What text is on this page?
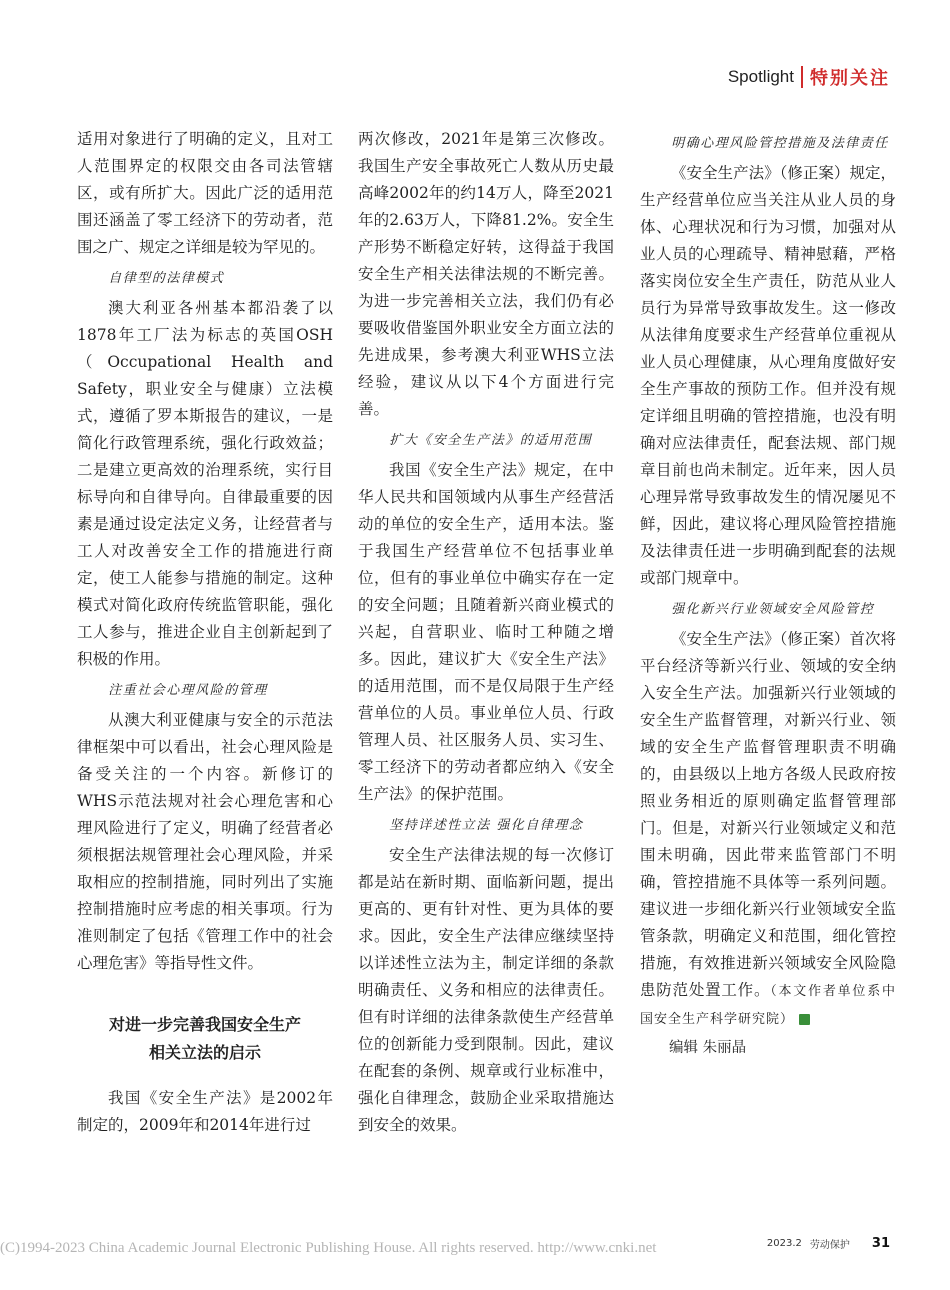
Spotlight 特别关注

适用对象进行了明确的定义，且对工人范围界定的权限交由各司法管辖区，或有所扩大。因此广泛的适用范围还涵盖了零工经济下的劳动者，范围之广、规定之详细是较为罕见的。

自律型的法律模式

澳大利亚各州基本都沿袭了以1878年工厂法为标志的英国OSH（Occupational Health and Safety，职业安全与健康）立法模式，遵循了罗本斯报告的建议，一是简化行政管理系统，强化行政效益；二是建立更高效的治理系统，实行目标导向和自律导向。自律最重要的因素是通过设定法定义务，让经营者与工人对改善安全工作的措施进行商定，使工人能参与措施的制定。这种模式对简化政府传统监管职能，强化工人参与，推进企业自主创新起到了积极的作用。

注重社会心理风险的管理

从澳大利亚健康与安全的示范法律框架中可以看出，社会心理风险是备受关注的一个内容。新修订的WHS示范法规对社会心理危害和心理风险进行了定义，明确了经营者必须根据法规管理社会心理风险，并采取相应的控制措施，同时列出了实施控制措施时应考虑的相关事项。行为准则制定了包括《管理工作中的社会心理危害》等指导性文件。

对进一步完善我国安全生产
相关立法的启示

我国《安全生产法》是2002年制定的，2009年和2014年进行过

两次修改，2021年是第三次修改。我国生产安全事故死亡人数从历史最高峰2002年的约14万人，降至2021年的2.63万人，下降81.2%。安全生产形势不断稳定好转，这得益于我国安全生产相关法律法规的不断完善。为进一步完善相关立法，我们仍有必要吸收借鉴国外职业安全方面立法的先进成果，参考澳大利亚WHS立法经验，建议从以下4个方面进行完善。

扩大《安全生产法》的适用范围

我国《安全生产法》规定，在中华人民共和国领域内从事生产经营活动的单位的安全生产，适用本法。鉴于我国生产经营单位不包括事业单位，但有的事业单位中确实存在一定的安全问题；且随着新兴商业模式的兴起，自营职业、临时工种随之增多。因此，建议扩大《安全生产法》的适用范围，而不是仅局限于生产经营单位的人员。事业单位人员、行政管理人员、社区服务人员、实习生、零工经济下的劳动者都应纳入《安全生产法》的保护范围。

坚持详述性立法 强化自律理念

安全生产法律法规的每一次修订都是站在新时期、面临新问题，提出更高的、更有针对性、更为具体的要求。因此，安全生产法律应继续坚持以详述性立法为主，制定详细的条款明确责任、义务和相应的法律责任。但有时详细的法律条款使生产经营单位的创新能力受到限制。因此，建议在配套的条例、规章或行业标准中，强化自律理念，鼓励企业采取措施达到安全的效果。

明确心理风险管控措施及法律责任

《安全生产法》（修正案）规定，生产经营单位应当关注从业人员的身体、心理状况和行为习惯，加强对从业人员的心理疏导、精神慰藉，严格落实岗位安全生产责任，防范从业人员行为异常导致事故发生。这一修改从法律角度要求生产经营单位重视从业人员心理健康，从心理角度做好安全生产事故的预防工作。但并没有规定详细且明确的管控措施，也没有明确对应法律责任，配套法规、部门规章目前也尚未制定。近年来，因人员心理异常导致事故发生的情况屡见不鲜，因此，建议将心理风险管控措施及法律责任进一步明确到配套的法规或部门规章中。

强化新兴行业领域安全风险管控

《安全生产法》（修正案）首次将平台经济等新兴行业、领域的安全纳入安全生产法。加强新兴行业领域的安全生产监督管理，对新兴行业、领域的安全生产监督管理职责不明确的，由县级以上地方各级人民政府按照业务相近的原则确定监督管理部门。但是，对新兴行业领域定义和范围未明确，因此带来监管部门不明确，管控措施不具体等一系列问题。建议进一步细化新兴行业领域安全监管条款，明确定义和范围，细化管控措施，有效推进新兴领域安全风险隐患防范处置工作。（本文作者单位系中国安全生产科学研究院）	图

编辑 朱丽晶
(C)1994-2023 China Academic Journal Electronic Publishing House. All rights reserved. http://www.cnki.net	2023.2 劳动保护 31
